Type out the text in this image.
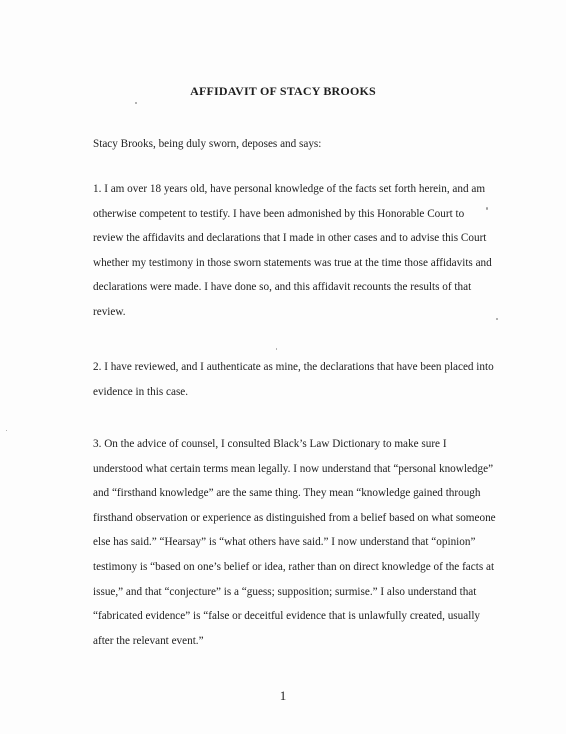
AFFIDAVIT OF STACY BROOKS
Stacy Brooks, being duly sworn, deposes and says:
1. I am over 18 years old, have personal knowledge of the facts set forth herein, and am
otherwise competent to testify. I have been admonished by this Honorable Court to
review the affidavits and declarations that I made in other cases and to advise this Court
whether my testimony in those sworn statements was true at the time those affidavits and
declarations were made. I have done so, and this affidavit recounts the results of that
review.
2. I have reviewed, and I authenticate as mine, the declarations that have been placed into
evidence in this case.
3. On the advice of counsel, I consulted Black’s Law Dictionary to make sure I
understood what certain terms mean legally. I now understand that “personal knowledge”
and “firsthand knowledge” are the same thing. They mean “knowledge gained through
firsthand observation or experience as distinguished from a belief based on what someone
else has said.” “Hearsay” is “what others have said.” I now understand that “opinion”
testimony is “based on one’s belief or idea, rather than on direct knowledge of the facts at
issue,” and that “conjecture” is a “guess; supposition; surmise.” I also understand that
“fabricated evidence” is “false or deceitful evidence that is unlawfully created, usually
after the relevant event.”
1
